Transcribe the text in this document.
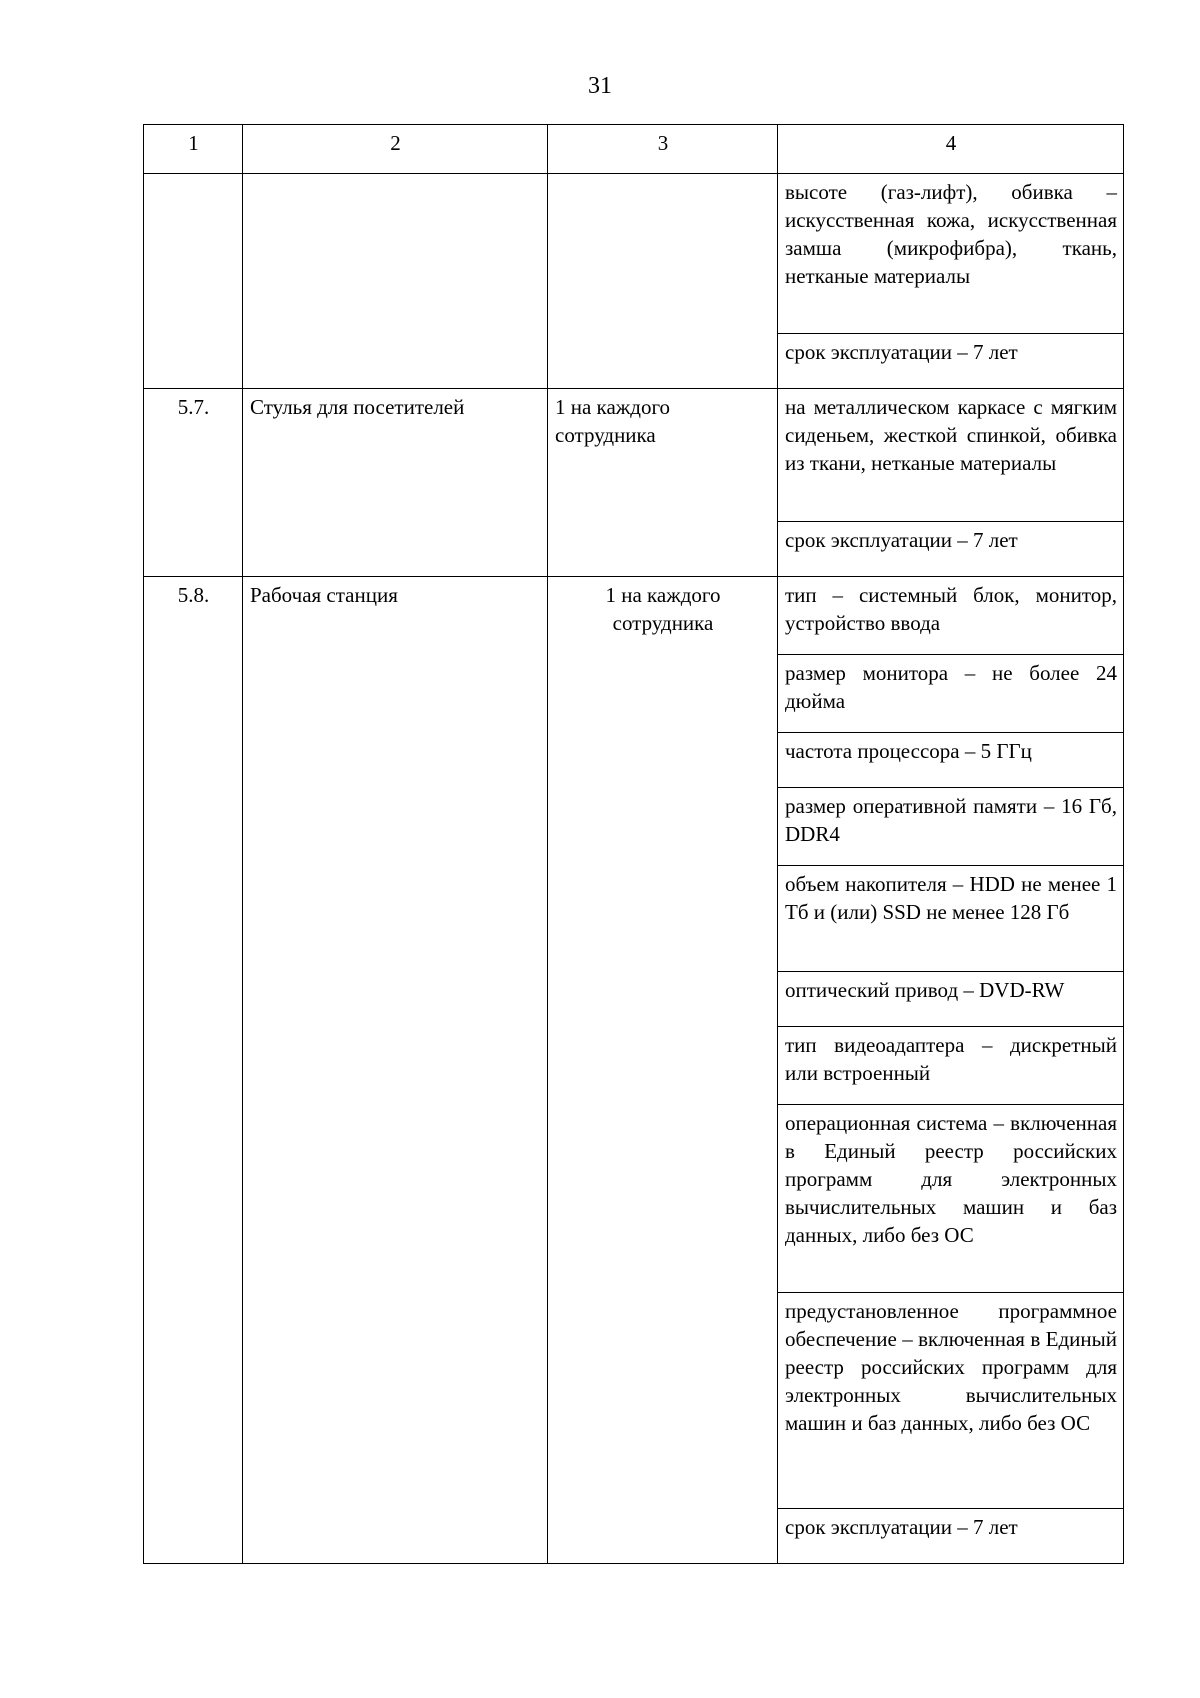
31
1	2	3	4
			высоте (газ-лифт), обивка – искусственная кожа, искусственная замша (микрофибра), ткань, нетканые материалы
			срок эксплуатации – 7 лет
5.7.	Стулья для посетителей	1 на каждого сотрудника	на металлическом каркасе с мягким сиденьем, жесткой спинкой, обивка из ткани, нетканые материалы
			срок эксплуатации – 7 лет
5.8.	Рабочая станция	1 на каждого сотрудника	тип – системный блок, монитор, устройство ввода
			размер монитора – не более 24 дюйма
			частота процессора – 5 ГГц
			размер оперативной памяти – 16 Гб, DDR4
			объем накопителя – HDD не менее 1 Тб и (или) SSD не менее 128 Гб
			оптический привод – DVD-RW
			тип видеоадаптера – дискретный или встроенный
			операционная система – включенная в Единый реестр российских программ для электронных вычислительных машин и баз данных, либо без ОС
			предустановленное программное обеспечение – включенная в Единый реестр российских программ для электронных вычислительных машин и баз данных, либо без ОС
			срок эксплуатации – 7 лет
